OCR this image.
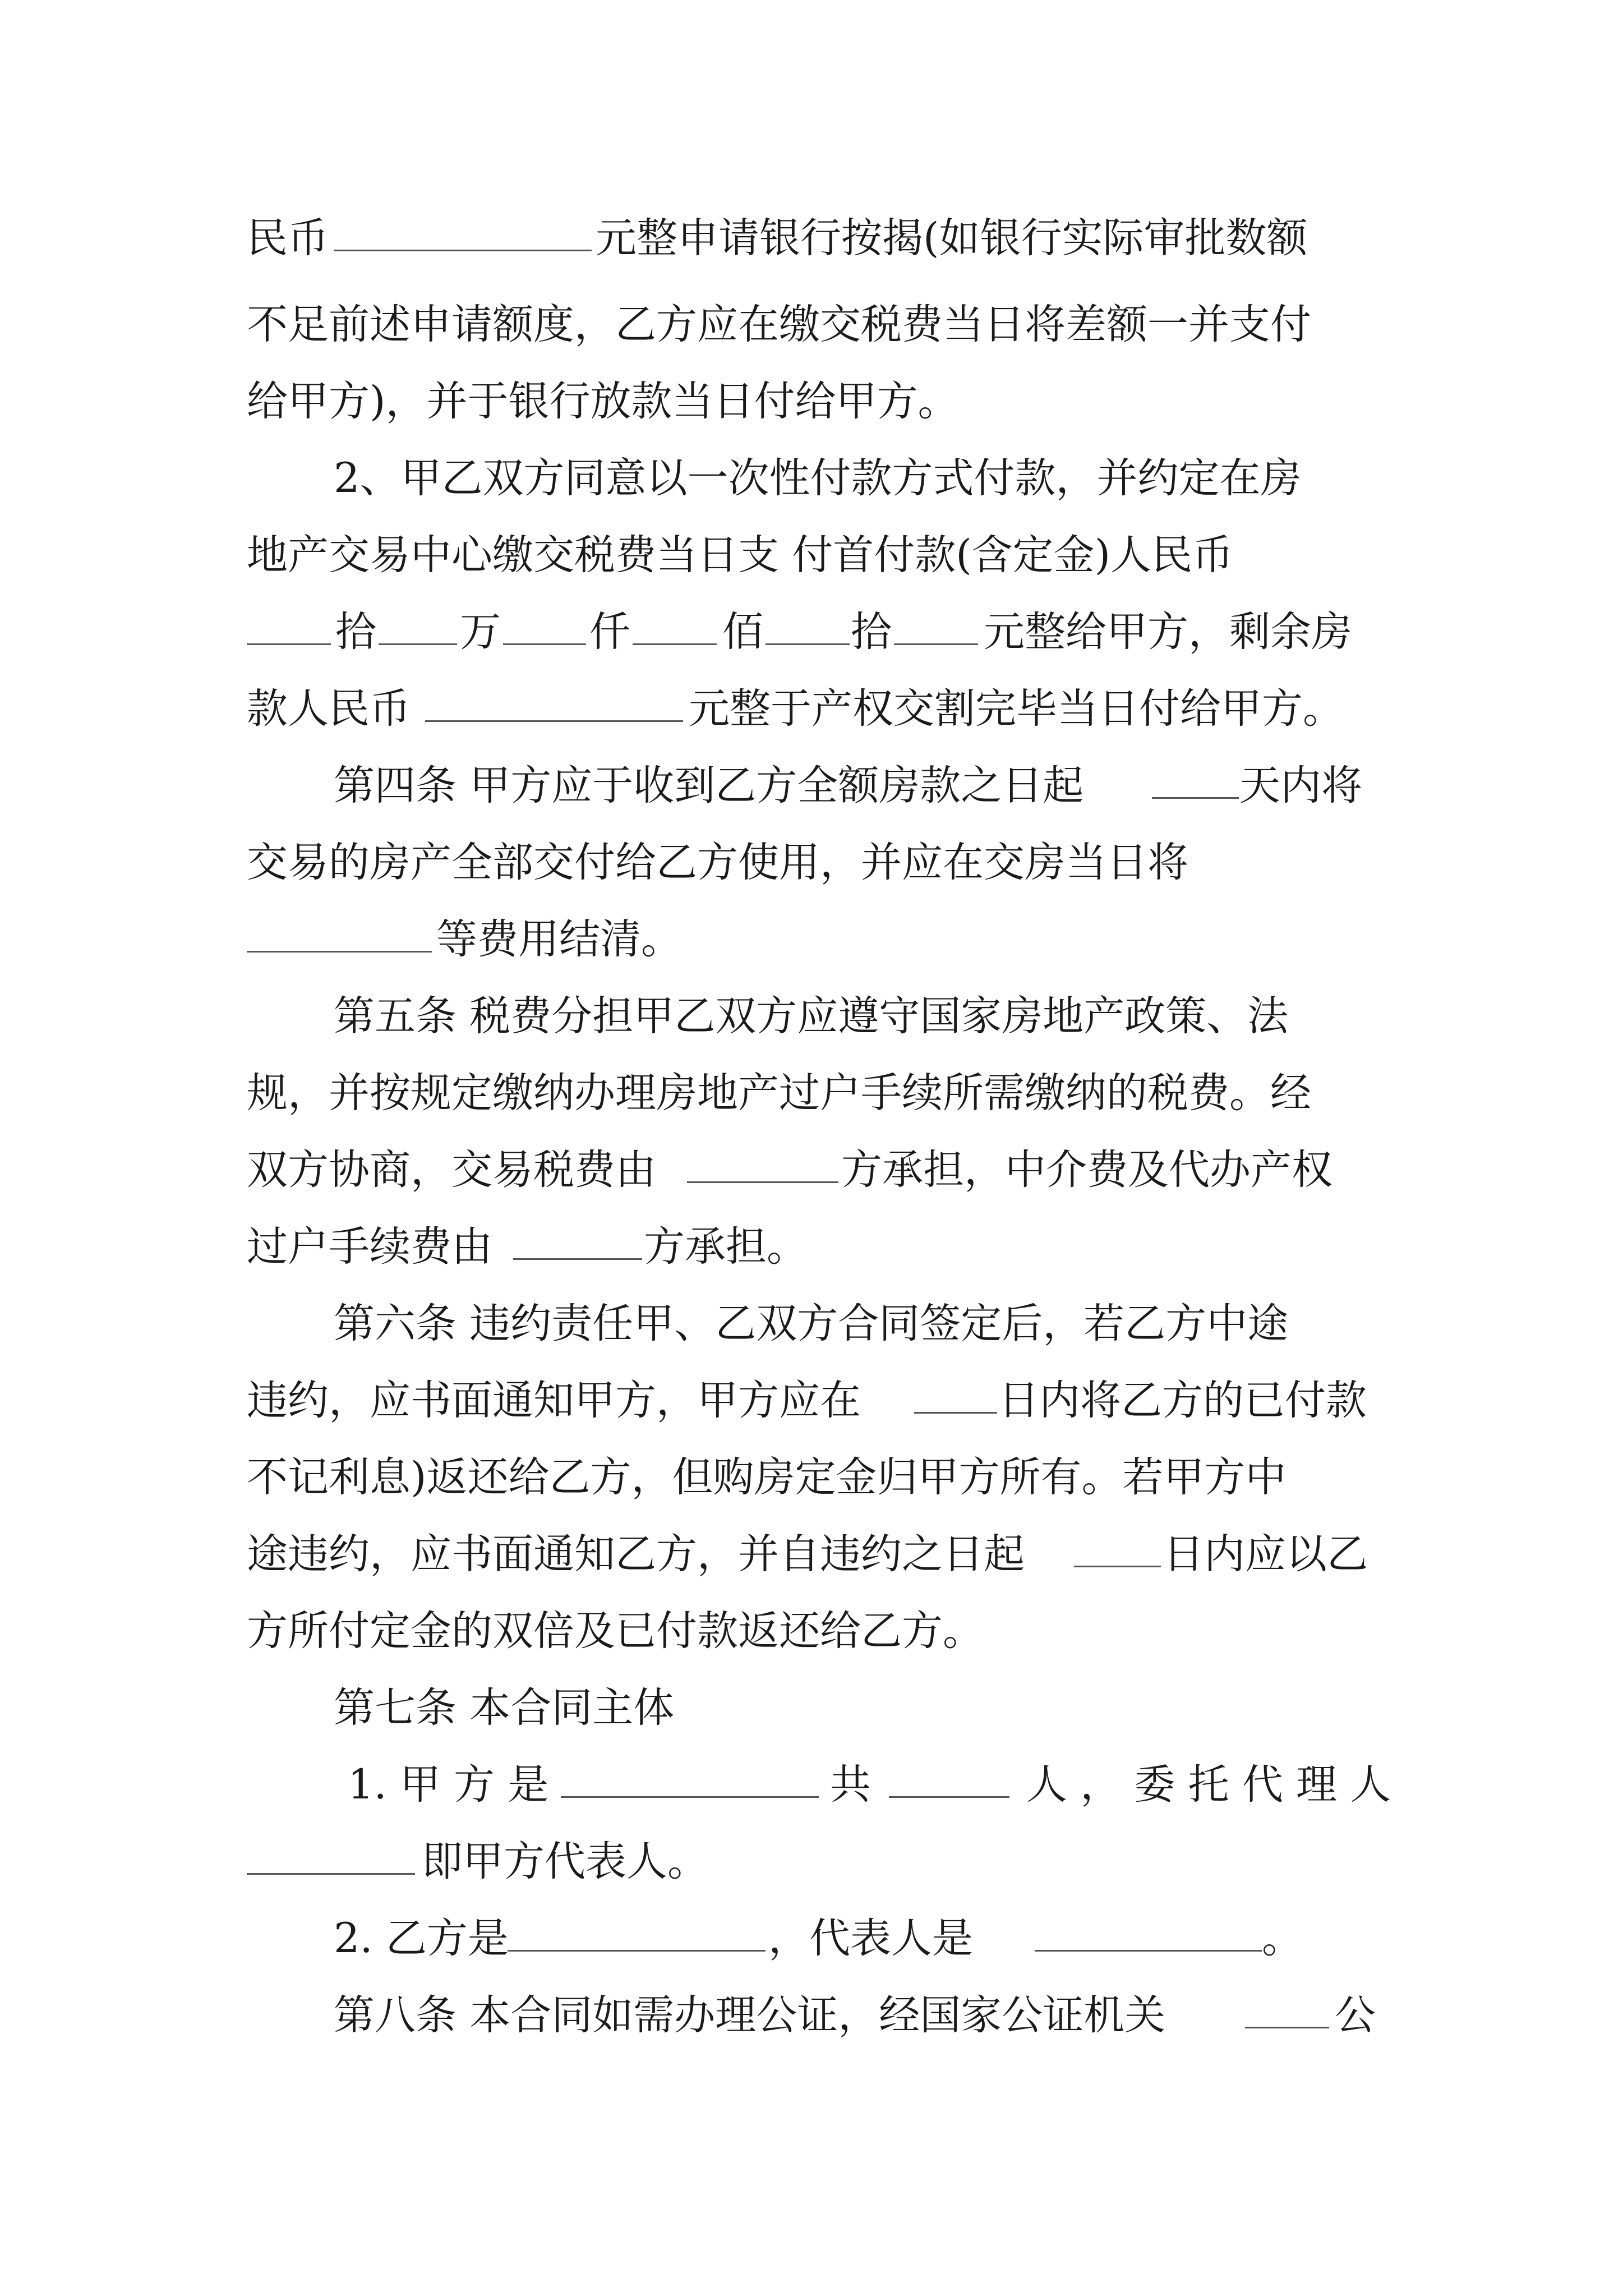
民币	元整申请银行按揭(如银行实际审批数额
不足前述申请额度，乙方应在缴交税费当日将差额一并支付
给甲方)，并于银行放款当日付给甲方。
2、甲乙双方同意以一次性付款方式付款，并约定在房
地产交易中心缴交税费当日支 付首付款(含定金)人民币
拾 万 仟 佰 拾 元整给甲方，剩余房
款人民币	元整于产权交割完毕当日付给甲方。
第四条 甲方应于收到乙方全额房款之日起	天内将
交易的房产全部交付给乙方使用，并应在交房当日将
等费用结清。
第五条 税费分担甲乙双方应遵守国家房地产政策、法
规，并按规定缴纳办理房地产过户手续所需缴纳的税费。经
双方协商，交易税费由	方承担，中介费及代办产权
过户手续费由	方承担。
第六条 违约责任甲、乙双方合同签定后，若乙方中途
违约，应书面通知甲方，甲方应在	日内将乙方的已付款
不记利息)返还给乙方，但购房定金归甲方所有。若甲方中
途违约，应书面通知乙方，并自违约之日起	日内应以乙
方所付定金的双倍及已付款返还给乙方。
第七条 本合同主体
1. 甲 方 是	共	人 ， 委 托 代 理 人
即甲方代表人。
2. 乙方是	，代表人是	。
第八条 本合同如需办理公证，经国家公证机关	公
